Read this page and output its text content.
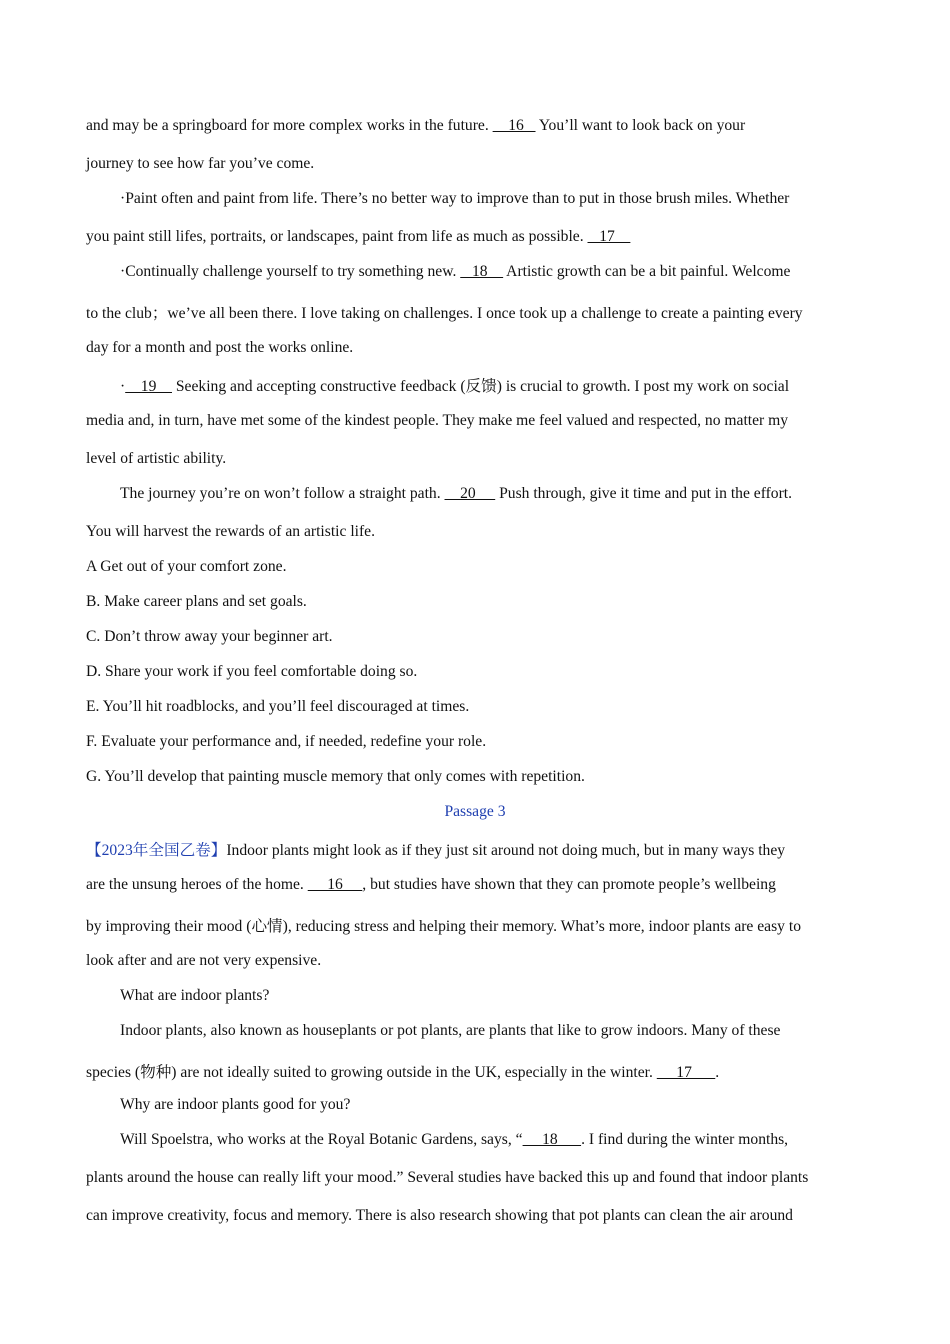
and may be a springboard for more complex works in the future.     16    You’ll want to look back on your
journey to see how far you’ve come.
·Paint often and paint from life. There’s no better way to improve than to put in those brush miles. Whether
you paint still lifes, portraits, or landscapes, paint from life as much as possible.    17
·Continually challenge yourself to try something new.    18     Artistic growth can be a bit painful. Welcome
to the club；we’ve all been there. I love taking on challenges. I once took up a challenge to create a painting every
day for a month and post the works online.
·    19     Seeking and accepting constructive feedback (反馈) is crucial to growth. I post my work on social
media and, in turn, have met some of the kindest people. They make me feel valued and respected, no matter my
level of artistic ability.
The journey you’re on won’t follow a straight path.     20      Push through, give it time and put in the effort.
You will harvest the rewards of an artistic life.
A Get out of your comfort zone.
B. Make career plans and set goals.
C. Don’t throw away your beginner art.
D. Share your work if you feel comfortable doing so.
E. You’ll hit roadblocks, and you’ll feel discouraged at times.
F. Evaluate your performance and, if needed, redefine your role.
G. You’ll develop that painting muscle memory that only comes with repetition.
Passage 3
【2023年全国乙卷】Indoor plants might look as if they just sit around not doing much, but in many ways they
are the unsung heroes of the home.      16     , but studies have shown that they can promote people’s wellbeing
by improving their mood (心情), reducing stress and helping their memory. What’s more, indoor plants are easy to
look after and are not very expensive.
What are indoor plants?
Indoor plants, also known as houseplants or pot plants, are plants that like to grow indoors. Many of these
species (物种) are not ideally suited to growing outside in the UK, especially in the winter.      17      .
Why are indoor plants good for you?
Will Spoelstra, who works at the Royal Botanic Gardens, says, “     18      . I find during the winter months,
plants around the house can really lift your mood.” Several studies have backed this up and found that indoor plants
can improve creativity, focus and memory. There is also research showing that pot plants can clean the air around
